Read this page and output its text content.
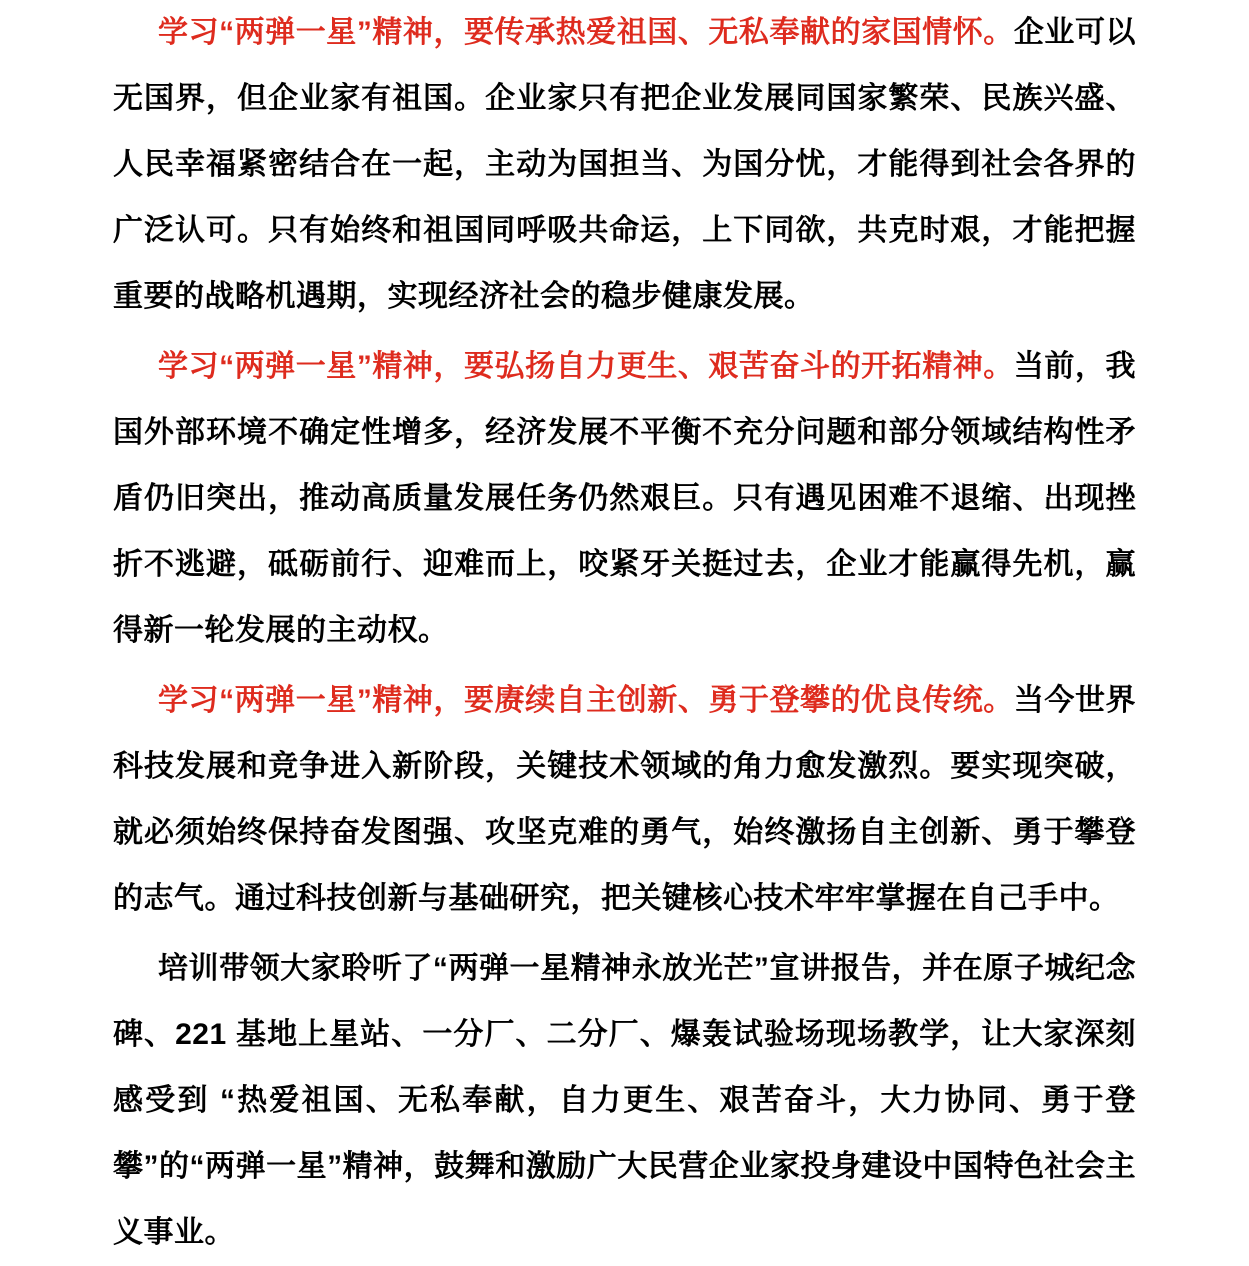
学习“两弹一星”精神，要传承热爱祖国、无私奉献的家国情怀。企业可以无国界，但企业家有祖国。企业家只有把企业发展同国家繁荣、民族兴盛、人民幸福紧密结合在一起，主动为国担当、为国分忧，才能得到社会各界的广泛认可。只有始终和祖国同呼吸共命运，上下同欲，共克时艰，才能把握重要的战略机遇期，实现经济社会的稳步健康发展。

学习“两弹一星”精神，要弘扬自力更生、艰苦奋斗的开拓精神。当前，我国外部环境不确定性增多，经济发展不平衡不充分问题和部分领域结构性矛盾仍旧突出，推动高质量发展任务仍然艰巨。只有遇见困难不退缩、出现挫折不逃避，砥砺前行、迎难而上，咬紧牙关挺过去，企业才能赢得先机，赢得新一轮发展的主动权。

学习“两弹一星”精神，要赓续自主创新、勇于登攀的优良传统。当今世界科技发展和竞争进入新阶段，关键技术领域的角力愈发激烈。要实现突破，就必须始终保持奋发图强、攻坚克难的勇气，始终激扬自主创新、勇于攀登的志气。通过科技创新与基础研究，把关键核心技术牢牢掌握在自己手中。

培训带领大家聆听了“两弹一星精神永放光芒”宣讲报告，并在原子城纪念碑、221 基地上星站、一分厂、二分厂、爆轰试验场现场教学，让大家深刻感受到 “热爱祖国、无私奉献，自力更生、艰苦奋斗，大力协同、勇于登攀”的“两弹一星”精神，鼓舞和激励广大民营企业家投身建设中国特色社会主义事业。
